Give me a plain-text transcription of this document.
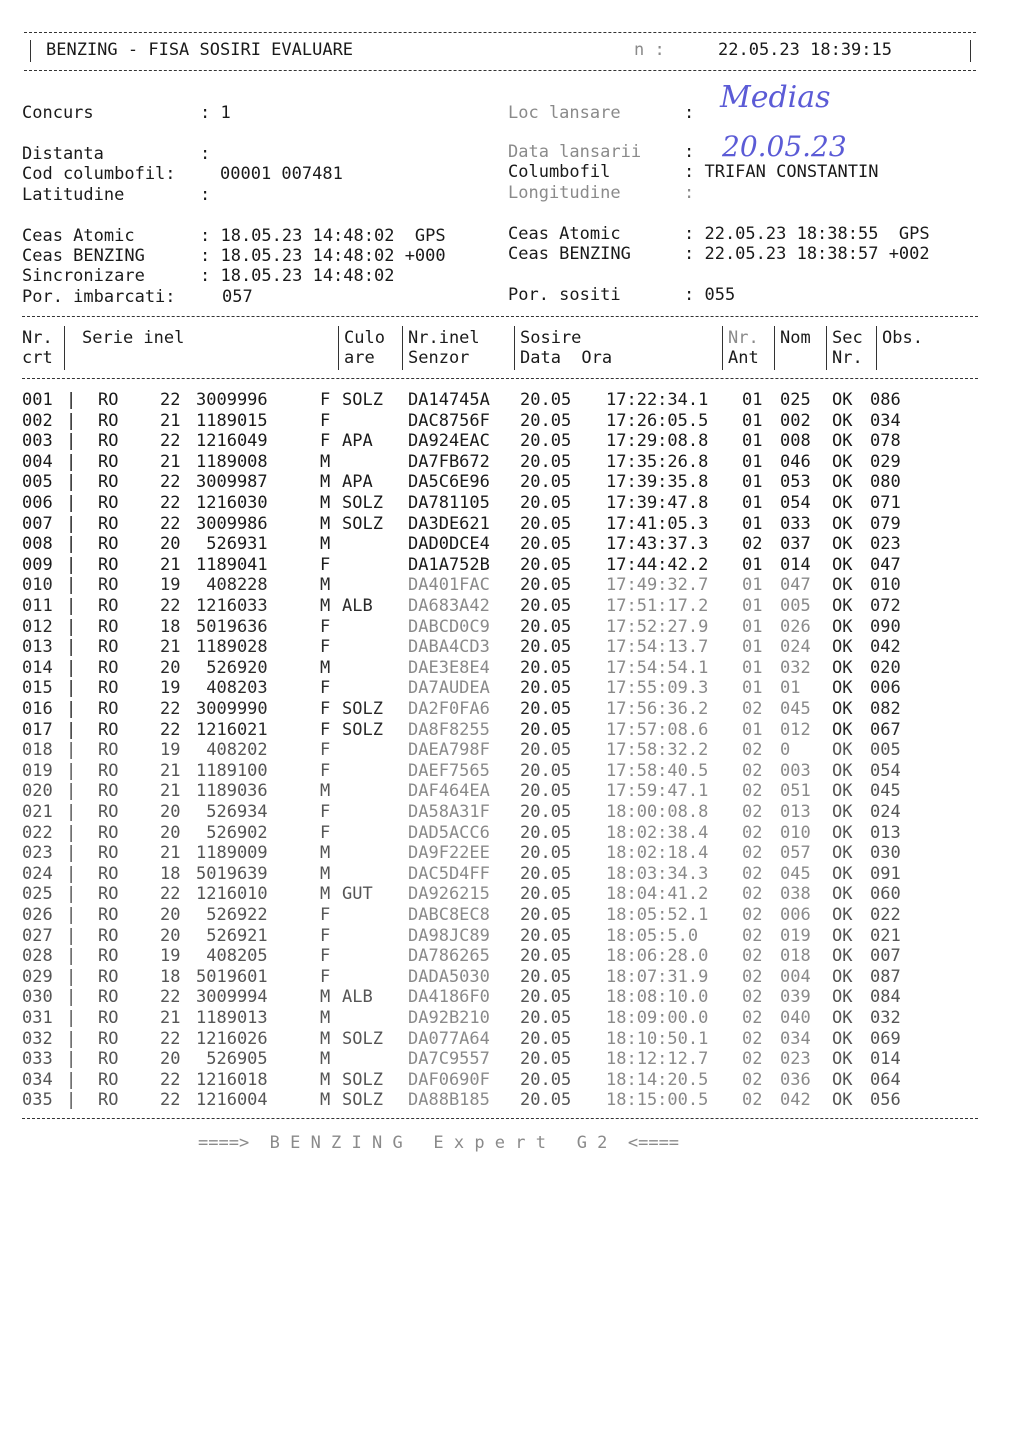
BENZING - FISA SOSIRI EVALUARE	n :	22.05.23 18:39:15
Concurs	: 1	Loc lansare	: Medias
Distanta	:	Data lansarii	: 20.05.23
Cod columbofil:	00001 007481	Columbofil	: TRIFAN CONSTANTIN
Latitudine	:	Longitudine	:
Ceas Atomic	: 18.05.23 14:48:02  GPS	Ceas Atomic	: 22.05.23 18:38:55  GPS
Ceas BENZING	: 18.05.23 14:48:02 +000	Ceas BENZING	: 22.05.23 18:38:57 +002
Sincronizare	: 18.05.23 14:48:02
Por. imbarcati:	057	Por. sositi	: 055
Nr.
crt
Serie inel	Culo
are
Nr.inel
Senzor
Sosire
Data  Ora
Nr.
Ant
Nom Sec
Nr.
Obs.
|
001	RO 22 3009996	F SOLZ DA14745A 20.05 17:22:34.1 01 025 OK 086
|
002	RO 21 1189015	F	DAC8756F 20.05 17:26:05.5 01 002 OK 034
|
003	RO 22 1216049	F APA DA924EAC 20.05 17:29:08.8 01 008 OK 078
|
004	RO 21 1189008	M	DA7FB672 20.05 17:35:26.8 01 046 OK 029
|
005	RO 22 3009987	M APA DA5C6E96 20.05 17:39:35.8 01 053 OK 080
|
006	RO 22 1216030	M SOLZ DA781105 20.05 17:39:47.8 01 054 OK 071
|
007	RO 22 3009986	M SOLZ DA3DE621 20.05 17:41:05.3 01 033 OK 079
|
008	RO 20 526931	M	DAD0DCE4 20.05 17:43:37.3 02 037 OK 023
|
009	RO 21 1189041	F	DA1A752B 20.05 17:44:42.2 01 014 OK 047
|
010	RO 19 408228	M	DA401FAC 20.05 17:49:32.7 01 047 OK 010
|
011	RO 22 1216033	M ALB DA683A42 20.05 17:51:17.2 01 005 OK 072
|
012	RO 18 5019636	F	DABCD0C9 20.05 17:52:27.9 01 026 OK 090
|
013	RO 21 1189028	F	DABA4CD3 20.05 17:54:13.7 01 024 OK 042
|
014	RO 20 526920	M	DAE3E8E4 20.05 17:54:54.1 01 032 OK 020
|
015	RO 19 408203	F	DA7AUDEA 20.05 17:55:09.3 01 01 OK 006
|
016	RO 22 3009990	F SOLZ DA2F0FA6 20.05 17:56:36.2 02 045 OK 082
|
017	RO 22 1216021	F SOLZ DA8F8255 20.05 17:57:08.6 01 012 OK 067
|
018	RO 19 408202	F	DAEA798F 20.05 17:58:32.2 02 0 OK 005
|
019	RO 21 1189100	F	DAEF7565 20.05 17:58:40.5 02 003 OK 054
|
020	RO 21 1189036	M	DAF464EA 20.05 17:59:47.1 02 051 OK 045
|
021	RO 20 526934	F	DA58A31F 20.05 18:00:08.8 02 013 OK 024
|
022	RO 20 526902	F	DAD5ACC6 20.05 18:02:38.4 02 010 OK 013
|
023	RO 21 1189009	M	DA9F22EE 20.05 18:02:18.4 02 057 OK 030
|
024	RO 18 5019639	M	DAC5D4FF 20.05 18:03:34.3 02 045 OK 091
|
025	RO 22 1216010	M GUT DA926215 20.05 18:04:41.2 02 038 OK 060
|
026	RO 20 526922	F	DABC8EC8 20.05 18:05:52.1 02 006 OK 022
|
027	RO 20 526921	F	DA98JC89 20.05 18:05:5.0	02 019 OK 021
|
028	RO 19 408205	F	DA786265 20.05 18:06:28.0 02 018 OK 007
|
029	RO 18 5019601	F	DADA5030 20.05 18:07:31.9 02 004 OK 087
|
030	RO 22 3009994	M ALB DA4186F0 20.05 18:08:10.0 02 039 OK 084
|
031	RO 21 1189013	M	DA92B210 20.05 18:09:00.0 02 040 OK 032
|
032	RO 22 1216026	M SOLZ DA077A64 20.05 18:10:50.1 02 034 OK 069
|
033	RO 20 526905	M	DA7C9557 20.05 18:12:12.7 02 023 OK 014
|
034	RO 22 1216018	M SOLZ DAF0690F 20.05 18:14:20.5 02 036 OK 064
|
035	RO 22 1216004	M SOLZ DA88B185 20.05 18:15:00.5 02 042 OK 056
====>  B E N Z I N G   E x p e r t   G 2  <====
